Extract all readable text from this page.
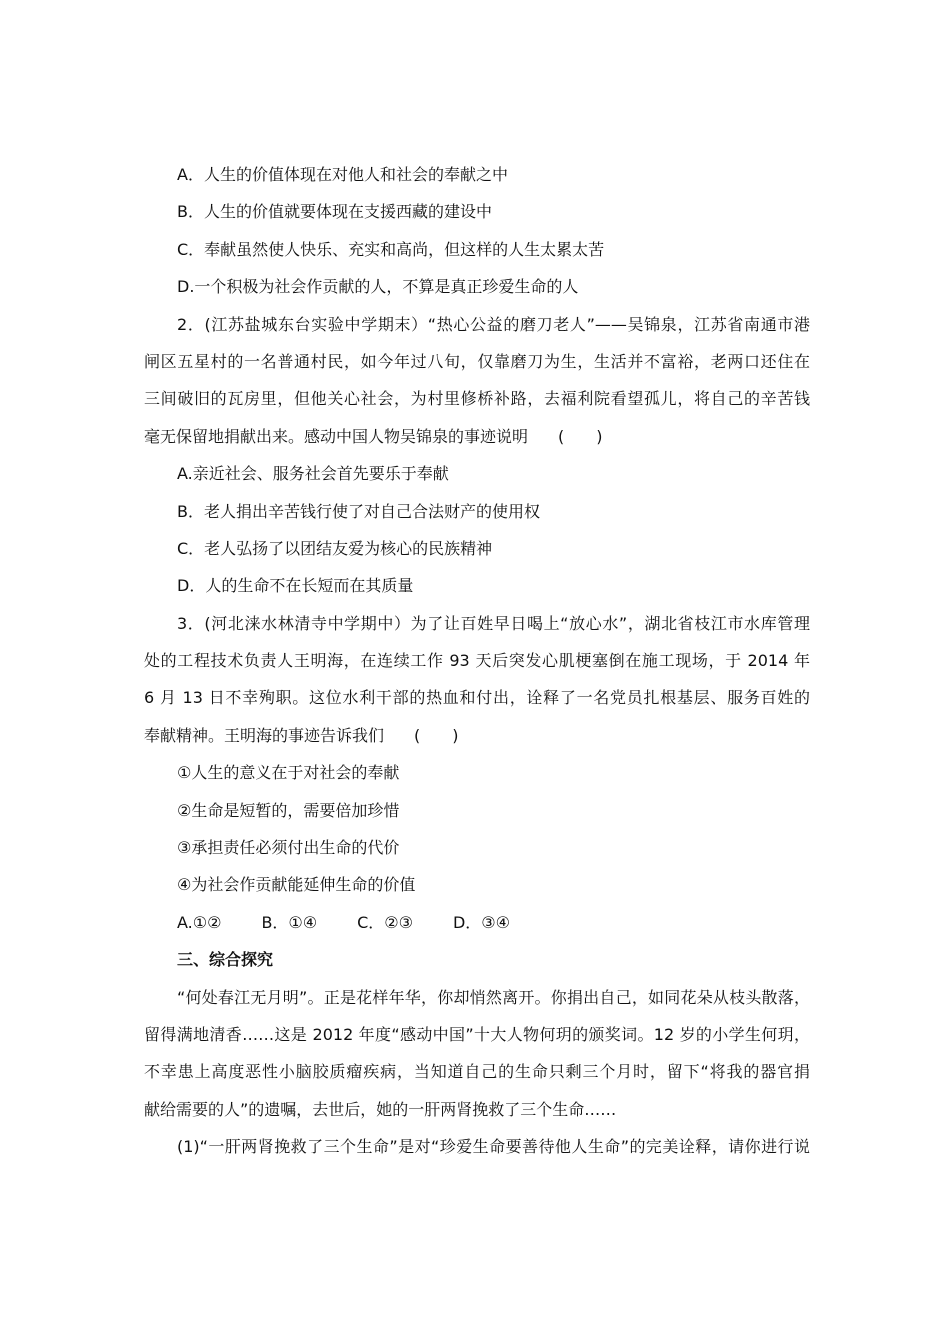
A．人生的价值体现在对他人和社会的奉献之中
B．人生的价值就要体现在支援西藏的建设中
C．奉献虽然使人快乐、充实和高尚，但这样的人生太累太苦
D.一个积极为社会作贡献的人，不算是真正珍爱生命的人
2．(江苏盐城东台实验中学期末）“热心公益的磨刀老人”——吴锦泉，江苏省南通市港
闸区五星村的一名普通村民，如今年过八旬，仅靠磨刀为生，生活并不富裕，老两口还住在
三间破旧的瓦房里，但他关心社会，为村里修桥补路，去福利院看望孤儿，将自己的辛苦钱
毫无保留地捐献出来。感动中国人物吴锦泉的事迹说明 (　　)
A.亲近社会、服务社会首先要乐于奉献
B．老人捐出辛苦钱行使了对自己合法财产的使用权
C．老人弘扬了以团结友爱为核心的民族精神
D．人的生命不在长短而在其质量
3．(河北涞水林清寺中学期中）为了让百姓早日喝上“放心水”，湖北省枝江市水库管理
处的工程技术负责人王明海，在连续工作 93 天后突发心肌梗塞倒在施工现场，于 2014 年
6 月 13 日不幸殉职。这位水利干部的热血和付出，诠释了一名党员扎根基层、服务百姓的
奉献精神。王明海的事迹告诉我们 (　　)
①人生的意义在于对社会的奉献
②生命是短暂的，需要倍加珍惜
③承担责任必须付出生命的代价
④为社会作贡献能延伸生命的价值
A.①②	B．①④	C．②③	D．③④
三、综合探究
“何处春江无月明”。正是花样年华，你却悄然离开。你捐出自己，如同花朵从枝头散落，
留得满地清香……这是 2012 年度“感动中国”十大人物何玥的颁奖词。12 岁的小学生何玥，
不幸患上高度恶性小脑胶质瘤疾病，当知道自己的生命只剩三个月时，留下“将我的器官捐
献给需要的人”的遗嘱，去世后，她的一肝两肾挽救了三个生命……
(1)“一肝两肾挽救了三个生命”是对“珍爱生命要善待他人生命”的完美诠释，请你进行说
